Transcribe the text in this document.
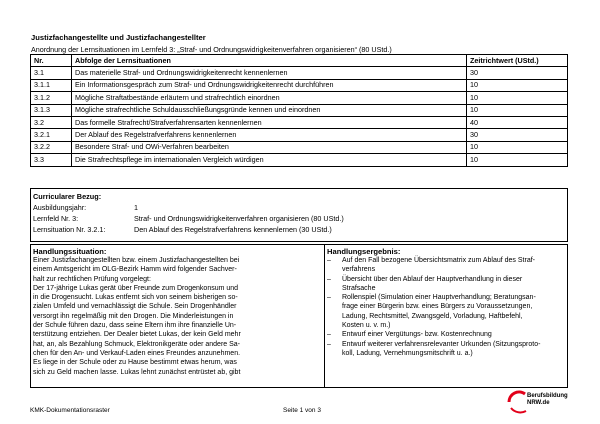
Justizfachangestellte und Justizfachangestellter
Anordnung der Lernsituationen im Lernfeld 3: „Straf- und Ordnungswidrigkeitenverfahren organisieren“ (80 UStd.)
Nr.	Abfolge der Lernsituationen	Zeitrichtwert (UStd.)
3.1	Das materielle Straf- und Ordnungswidrigkeitenrecht kennenlernen	30
3.1.1	Ein Informationsgespräch zum Straf- und Ordnungswidrigkeitenrecht durchführen	10
3.1.2	Mögliche Straftatbestände erläutern und strafrechtlich einordnen	10
3.1.3	Mögliche strafrechtliche Schuldausschließungsgründe kennen und einordnen	10
3.2	Das formelle Strafrecht/Strafverfahrensarten kennenlernen	40
3.2.1	Der Ablauf des Regelstrafverfahrens kennenlernen	30
3.2.2	Besondere Straf- und OWi-Verfahren bearbeiten	10
3.3	Die Strafrechtspflege im internationalen Vergleich würdigen	10
Curricularer Bezug:
Ausbildungsjahr:	1
Lernfeld Nr. 3:	Straf- und Ordnungswidrigkeitenverfahren organisieren (80 UStd.)
Lernsituation Nr. 3.2.1:	Den Ablauf des Regelstrafverfahrens kennenlernen (30 UStd.)
Handlungssituation:
Einer Justizfachangestellten bzw. einem Justizfachangestellten bei
einem Amtsgericht im OLG-Bezirk Hamm wird folgender Sachver-
halt zur rechtlichen Prüfung vorgelegt:
Der 17-jährige Lukas gerät über Freunde zum Drogenkonsum und
in die Drogensucht. Lukas entfernt sich von seinem bisherigen so-
zialen Umfeld und vernachlässigt die Schule. Sein Drogenhändler
versorgt ihn regelmäßig mit den Drogen. Die Minderleistungen in
der Schule führen dazu, dass seine Eltern ihm ihre finanzielle Un-
terstützung entziehen. Der Dealer bietet Lukas, der kein Geld mehr
hat, an, als Bezahlung Schmuck, Elektronikgeräte oder andere Sa-
chen für den An- und Verkauf-Laden eines Freundes anzunehmen.
Es liege in der Schule oder zu Hause bestimmt etwas herum, was
sich zu Geld machen lasse. Lukas lehnt zunächst entrüstet ab, gibt
Handlungsergebnis:
– Auf den Fall bezogene Übersichtsmatrix zum Ablauf des Straf-
verfahrens
– Übersicht über den Ablauf der Hauptverhandlung in dieser
Strafsache
– Rollenspiel (Simulation einer Hauptverhandlung; Beratungsan-
frage einer Bürgerin bzw. eines Bürgers zu Voraussetzungen,
Ladung, Rechtsmittel, Zwangsgeld, Vorladung, Haftbefehl,
Kosten u. v. m.)
– Entwurf einer Vergütungs- bzw. Kostenrechnung
– Entwurf weiterer verfahrensrelevanter Urkunden (Sitzungsproto-
koll, Ladung, Vernehmungsmitschrift u. a.)
KMK-Dokumentationsraster	Seite 1 von 3
Berufsbildung
NRW.de
